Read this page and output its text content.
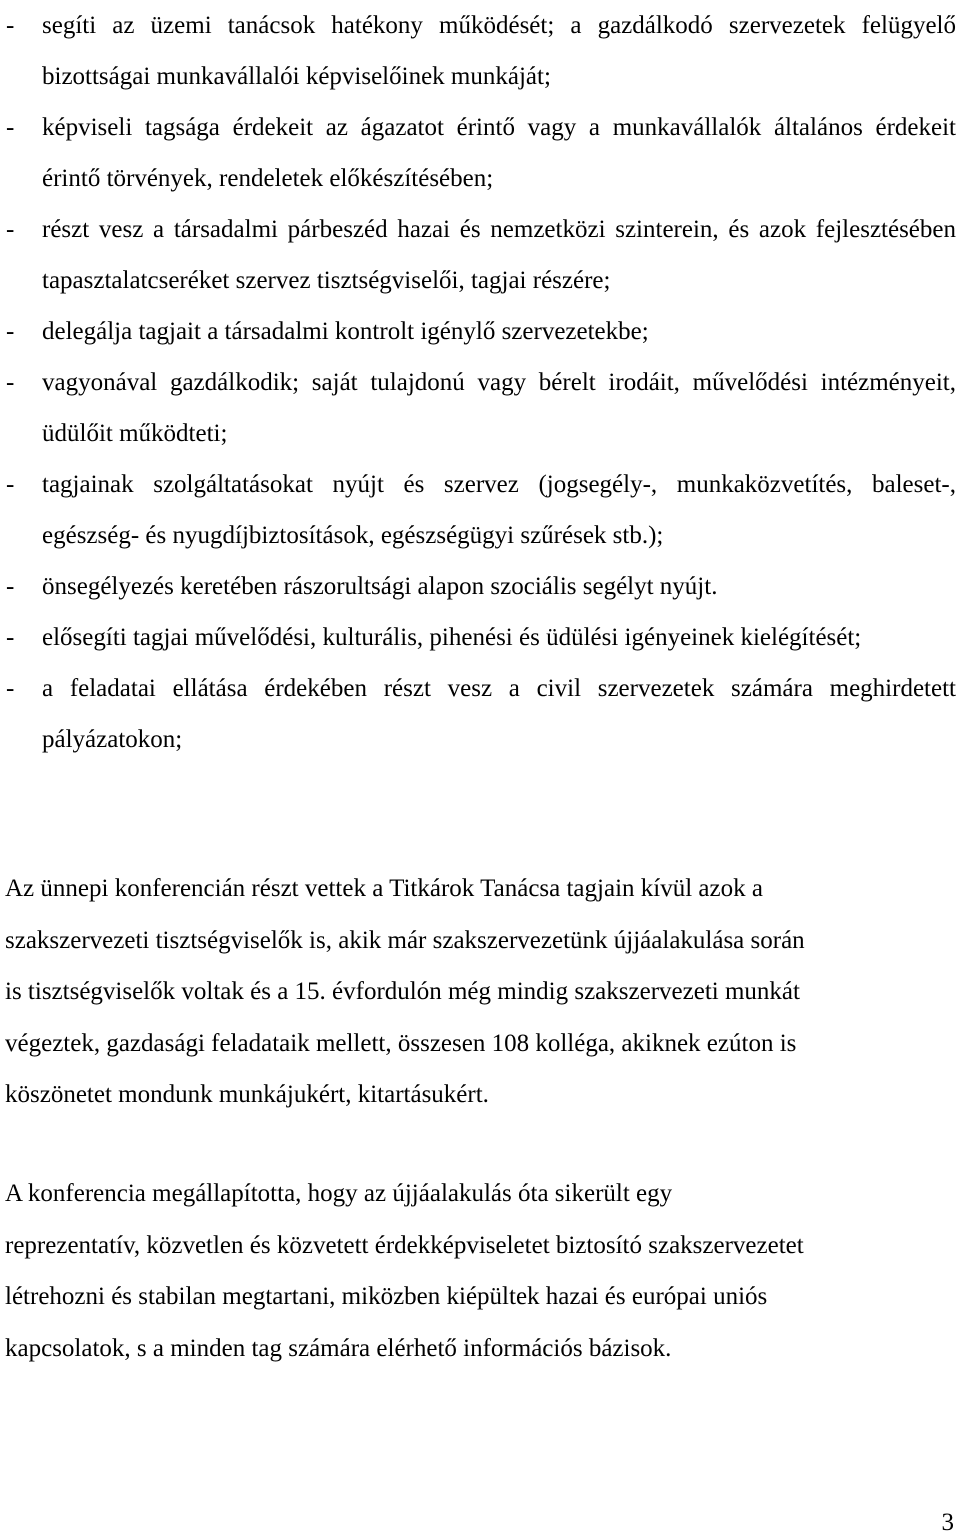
- segíti az üzemi tanácsok hatékony működését; a gazdálkodó szervezetek felügyelő bizottságai munkavállalói képviselőinek munkáját;
- képviseli tagsága érdekeit az ágazatot érintő vagy a munkavállalók általános érdekeit érintő törvények, rendeletek előkészítésében;
- részt vesz a társadalmi párbeszéd hazai és nemzetközi szinterein, és azok fejlesztésében tapasztalatcseréket szervez tisztségviselői, tagjai részére;
- delegálja tagjait a társadalmi kontrolt igénylő szervezetekbe;
- vagyonával gazdálkodik; saját tulajdonú vagy bérelt irodáit, művelődési intézményeit, üdülőit működteti;
- tagjainak szolgáltatásokat nyújt és szervez (jogsegély-, munkaközvetítés, baleset-, egészség- és nyugdíjbiztosítások, egészségügyi szűrések stb.);
- önsegélyezés keretében rászorultsági alapon szociális segélyt nyújt.
- elősegíti tagjai művelődési, kulturális, pihenési és üdülési igényeinek kielégítését;
- a feladatai ellátása érdekében részt vesz a civil szervezetek számára meghirdetett pályázatokon;

Az ünnepi konferencián részt vettek a Titkárok Tanácsa tagjain kívül azok a
szakszervezeti tisztségviselők is, akik már szakszervezetünk újjáalakulása során
is tisztségviselők voltak és a 15. évfordulón még mindig szakszervezeti munkát
végeztek, gazdasági feladataik mellett, összesen 108 kolléga, akiknek ezúton is
köszönetet mondunk munkájukért, kitartásukért.

A konferencia megállapította, hogy az újjáalakulás óta sikerült egy
reprezentatív, közvetlen és közvetett érdekképviseletet biztosító szakszervezetet
létrehozni és stabilan megtartani, miközben kiépültek hazai és európai uniós
kapcsolatok, s a minden tag számára elérhető információs bázisok.

3
